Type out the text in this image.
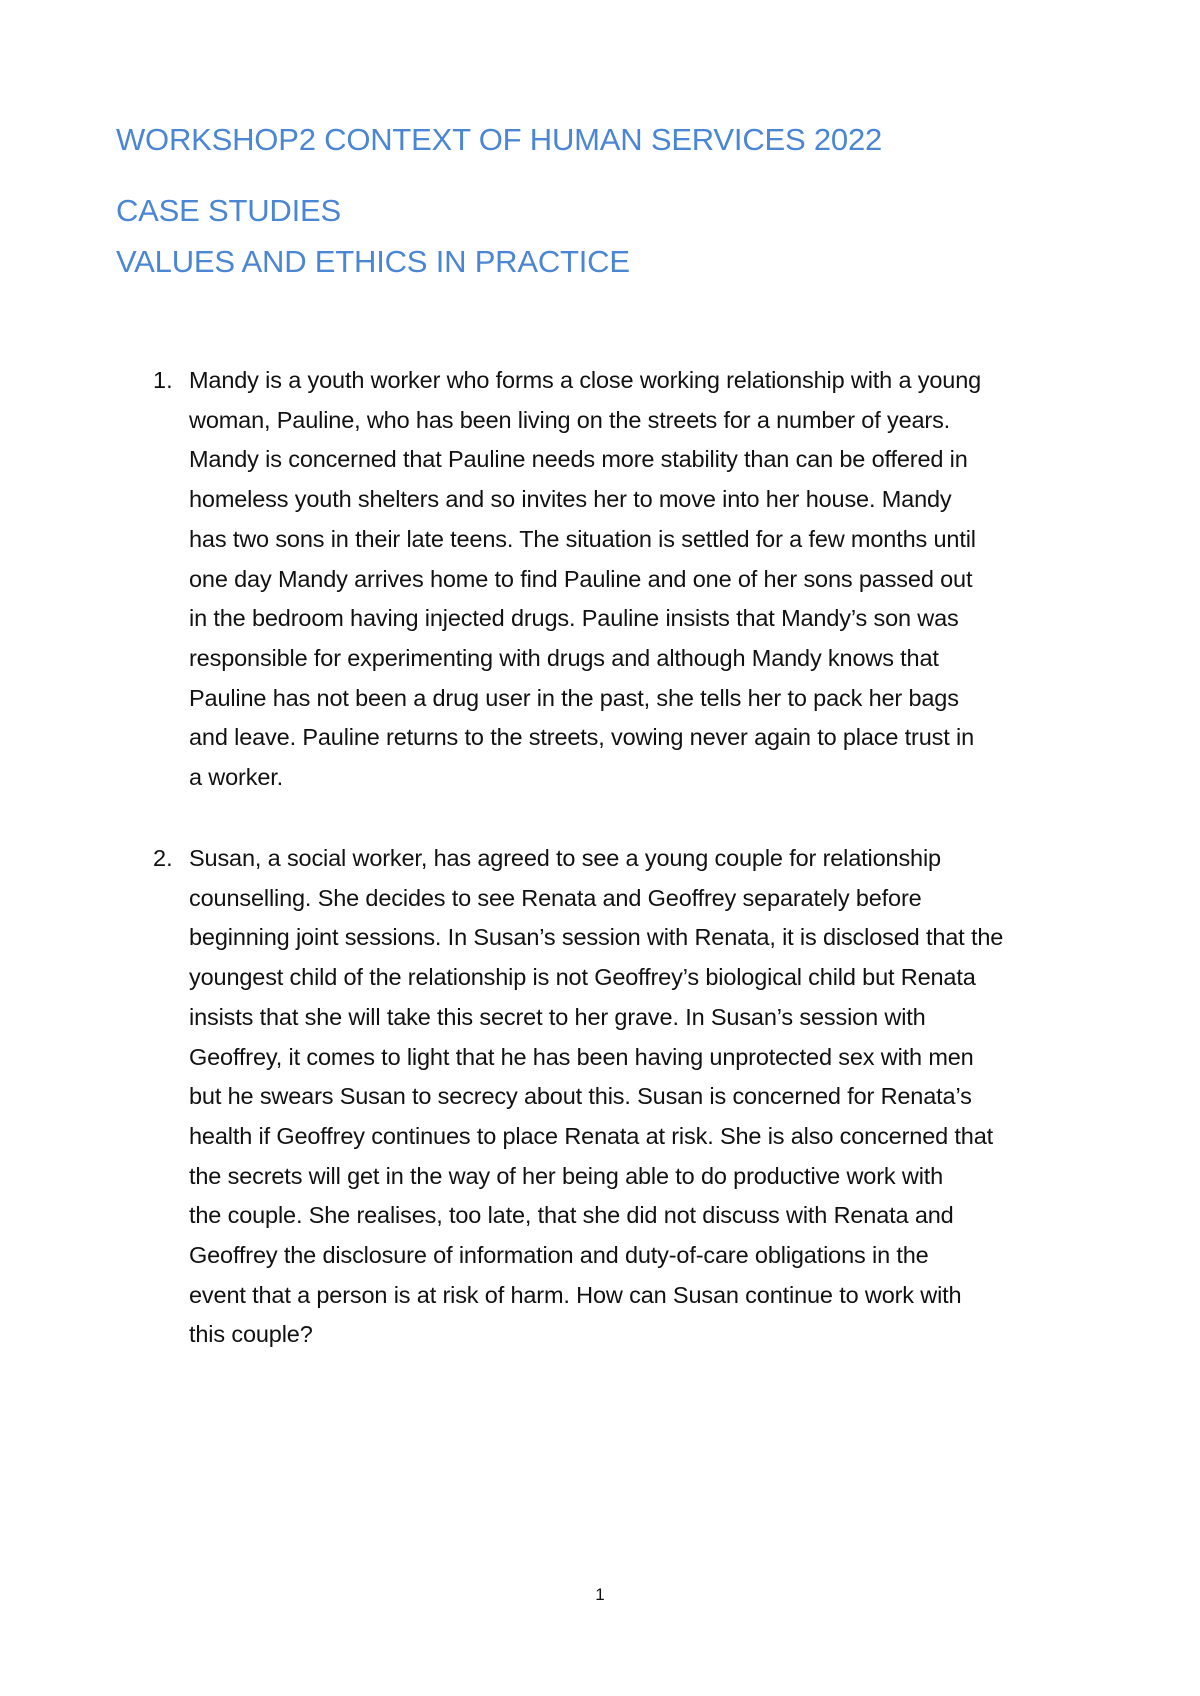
WORKSHOP2 CONTEXT OF HUMAN SERVICES 2022
CASE STUDIES
VALUES AND ETHICS IN PRACTICE
1. Mandy is a youth worker who forms a close working relationship with a young
woman, Pauline, who has been living on the streets for a number of years.
Mandy is concerned that Pauline needs more stability than can be offered in
homeless youth shelters and so invites her to move into her house. Mandy
has two sons in their late teens. The situation is settled for a few months until
one day Mandy arrives home to find Pauline and one of her sons passed out
in the bedroom having injected drugs. Pauline insists that Mandy’s son was
responsible for experimenting with drugs and although Mandy knows that
Pauline has not been a drug user in the past, she tells her to pack her bags
and leave. Pauline returns to the streets, vowing never again to place trust in
a worker.
2. Susan, a social worker, has agreed to see a young couple for relationship
counselling. She decides to see Renata and Geoffrey separately before
beginning joint sessions. In Susan’s session with Renata, it is disclosed that the
youngest child of the relationship is not Geoffrey’s biological child but Renata
insists that she will take this secret to her grave. In Susan’s session with
Geoffrey, it comes to light that he has been having unprotected sex with men
but he swears Susan to secrecy about this. Susan is concerned for Renata’s
health if Geoffrey continues to place Renata at risk. She is also concerned that
the secrets will get in the way of her being able to do productive work with
the couple. She realises, too late, that she did not discuss with Renata and
Geoffrey the disclosure of information and duty-of-care obligations in the
event that a person is at risk of harm. How can Susan continue to work with
this couple?
1
